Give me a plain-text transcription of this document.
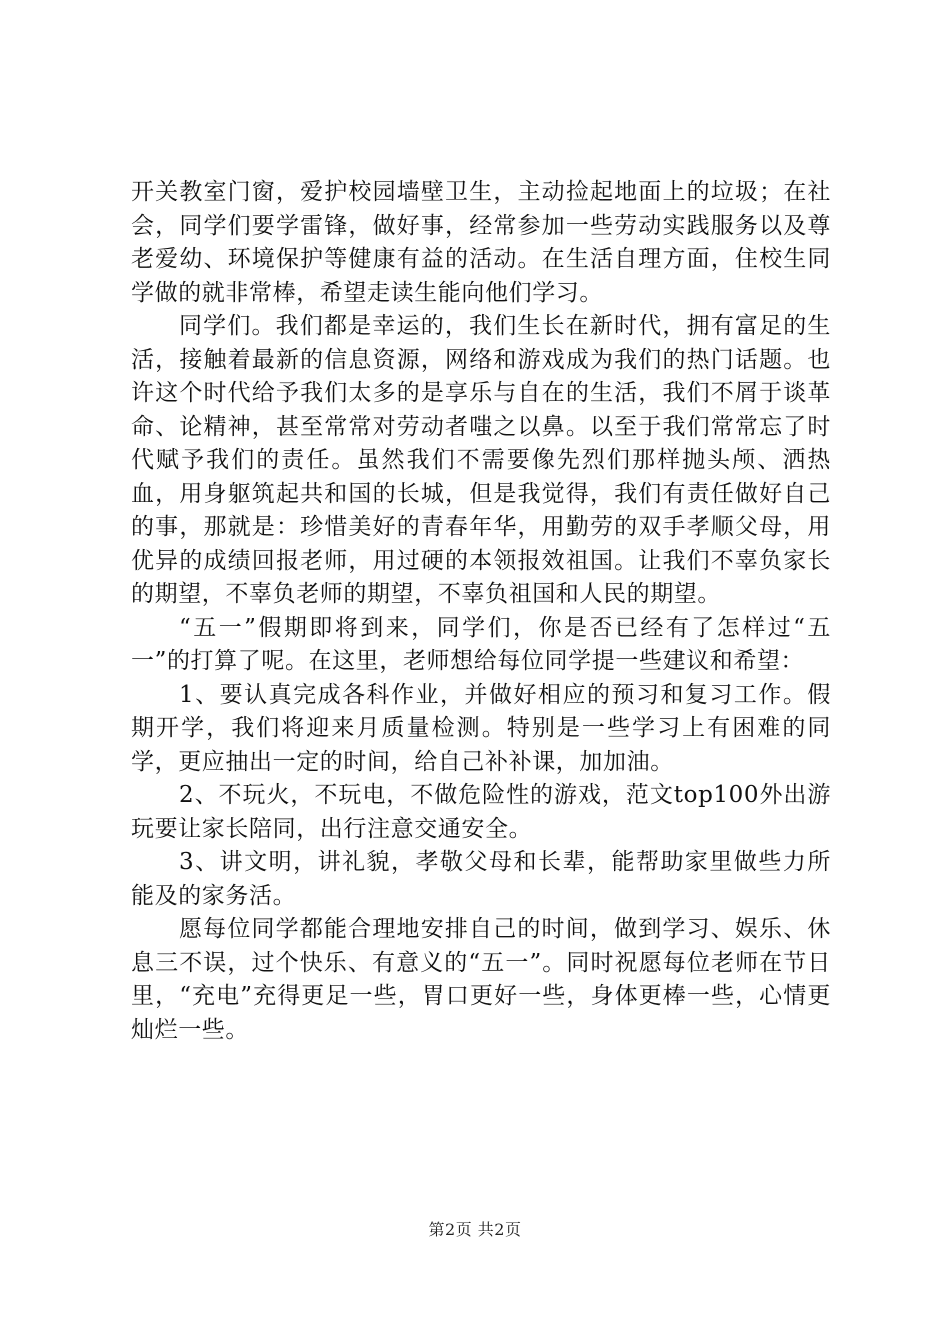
开关教室门窗，爱护校园墙壁卫生，主动捡起地面上的垃圾；在社会，同学们要学雷锋，做好事，经常参加一些劳动实践服务以及尊老爱幼、环境保护等健康有益的活动。在生活自理方面，住校生同学做的就非常棒，希望走读生能向他们学习。

同学们。我们都是幸运的，我们生长在新时代，拥有富足的生活，接触着最新的信息资源，网络和游戏成为我们的热门话题。也许这个时代给予我们太多的是享乐与自在的生活，我们不屑于谈革命、论精神，甚至常常对劳动者嗤之以鼻。以至于我们常常忘了时代赋予我们的责任。虽然我们不需要像先烈们那样抛头颅、洒热血，用身躯筑起共和国的长城，但是我觉得，我们有责任做好自己的事，那就是：珍惜美好的青春年华，用勤劳的双手孝顺父母，用优异的成绩回报老师，用过硬的本领报效祖国。让我们不辜负家长的期望，不辜负老师的期望，不辜负祖国和人民的期望。

“五一”假期即将到来，同学们，你是否已经有了怎样过“五一”的打算了呢。在这里，老师想给每位同学提一些建议和希望：

1、要认真完成各科作业，并做好相应的预习和复习工作。假期开学，我们将迎来月质量检测。特别是一些学习上有困难的同学，更应抽出一定的时间，给自己补补课，加加油。

2、不玩火，不玩电，不做危险性的游戏，范文top100外出游玩要让家长陪同，出行注意交通安全。

3、讲文明，讲礼貌，孝敬父母和长辈，能帮助家里做些力所能及的家务活。

愿每位同学都能合理地安排自己的时间，做到学习、娱乐、休息三不误，过个快乐、有意义的“五一”。同时祝愿每位老师在节日里，“充电”充得更足一些，胃口更好一些，身体更棒一些，心情更灿烂一些。

第2页 共2页
